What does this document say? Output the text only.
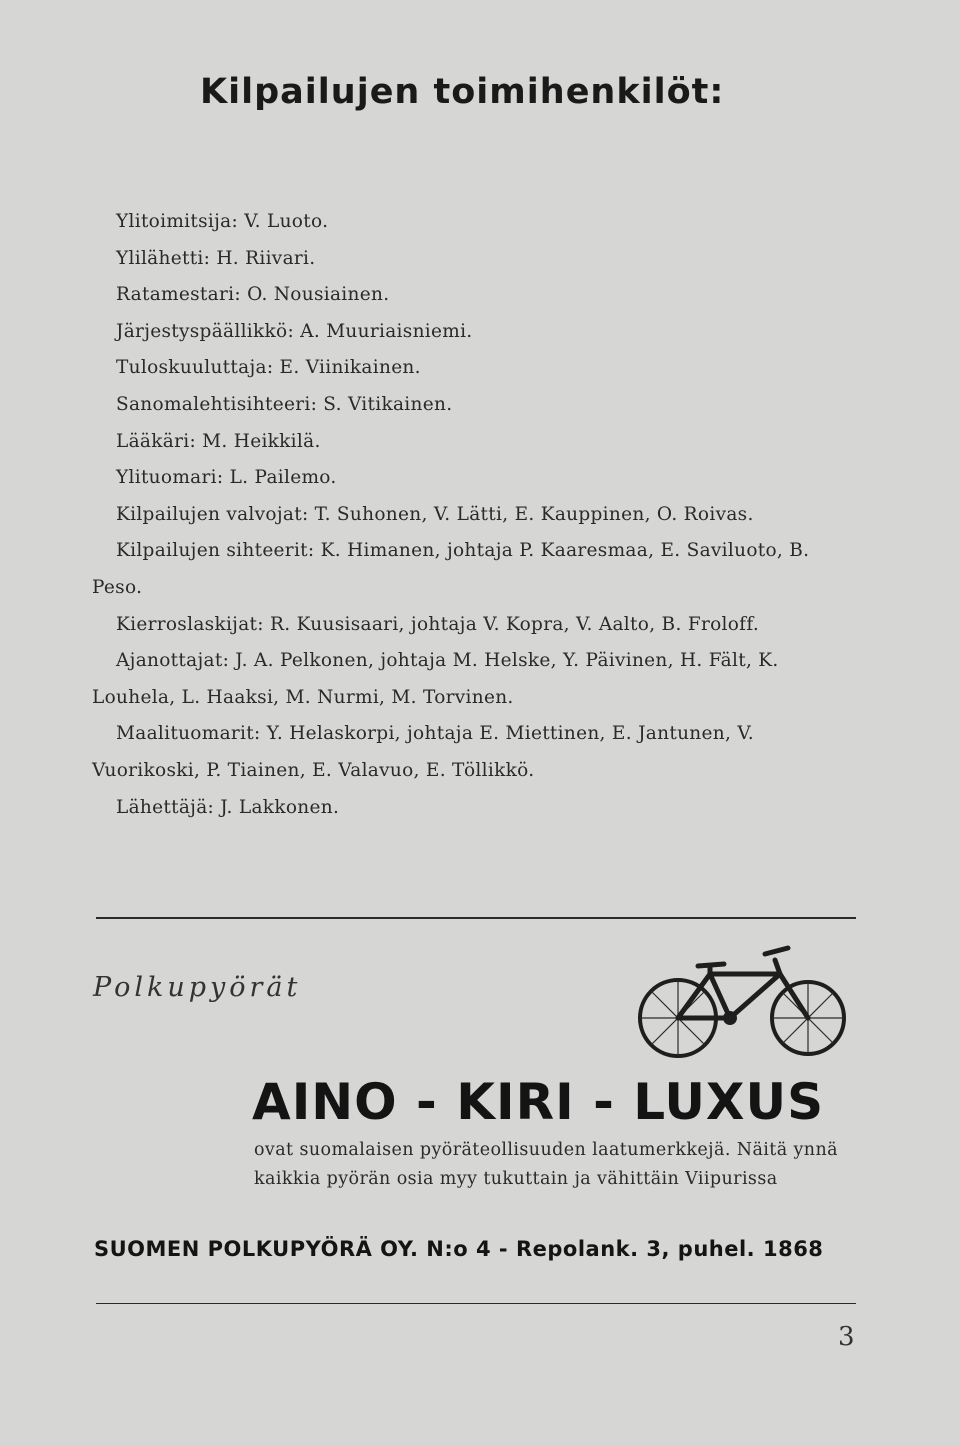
Kilpailujen toimihenkilöt:

Ylitoimitsija: V. Luoto.

Ylilähetti: H. Riivari.

Ratamestari: O. Nousiainen.

Järjestyspäällikkö: A. Muuriaisniemi.

Tuloskuuluttaja: E. Viinikainen.

Sanomalehtisihteeri: S. Vitikainen.

Lääkäri: M. Heikkilä.

Ylituomari: L. Pailemo.

Kilpailujen valvojat: T. Suhonen, V. Lätti, E. Kauppinen, O. Roivas.

Kilpailujen sihteerit: K. Himanen, johtaja P. Kaaresmaa, E. Saviluoto, B. Peso.

Kierroslaskijat: R. Kuusisaari, johtaja V. Kopra, V. Aalto, B. Froloff.

Ajanottajat: J. A. Pelkonen, johtaja M. Helske, Y. Päivinen, H. Fält, K. Louhela, L. Haaksi, M. Nurmi, M. Torvinen.

Maalituomarit: Y. Helaskorpi, johtaja E. Miettinen, E. Jantunen, V. Vuorikoski, P. Tiainen, E. Valavuo, E. Töllikkö.

Lähettäjä: J. Lakkonen.

Polkupyörät
AINO - KIRI - LUXUS
ovat suomalaisen pyöräteollisuuden laatumerkkejä. Näitä ynnä kaikkia pyörän osia myy tukuttain ja vähittäin Viipurissa
SUOMEN POLKUPYÖRÄ OY. N:o 4 - Repolank. 3, puhel. 1868
3
